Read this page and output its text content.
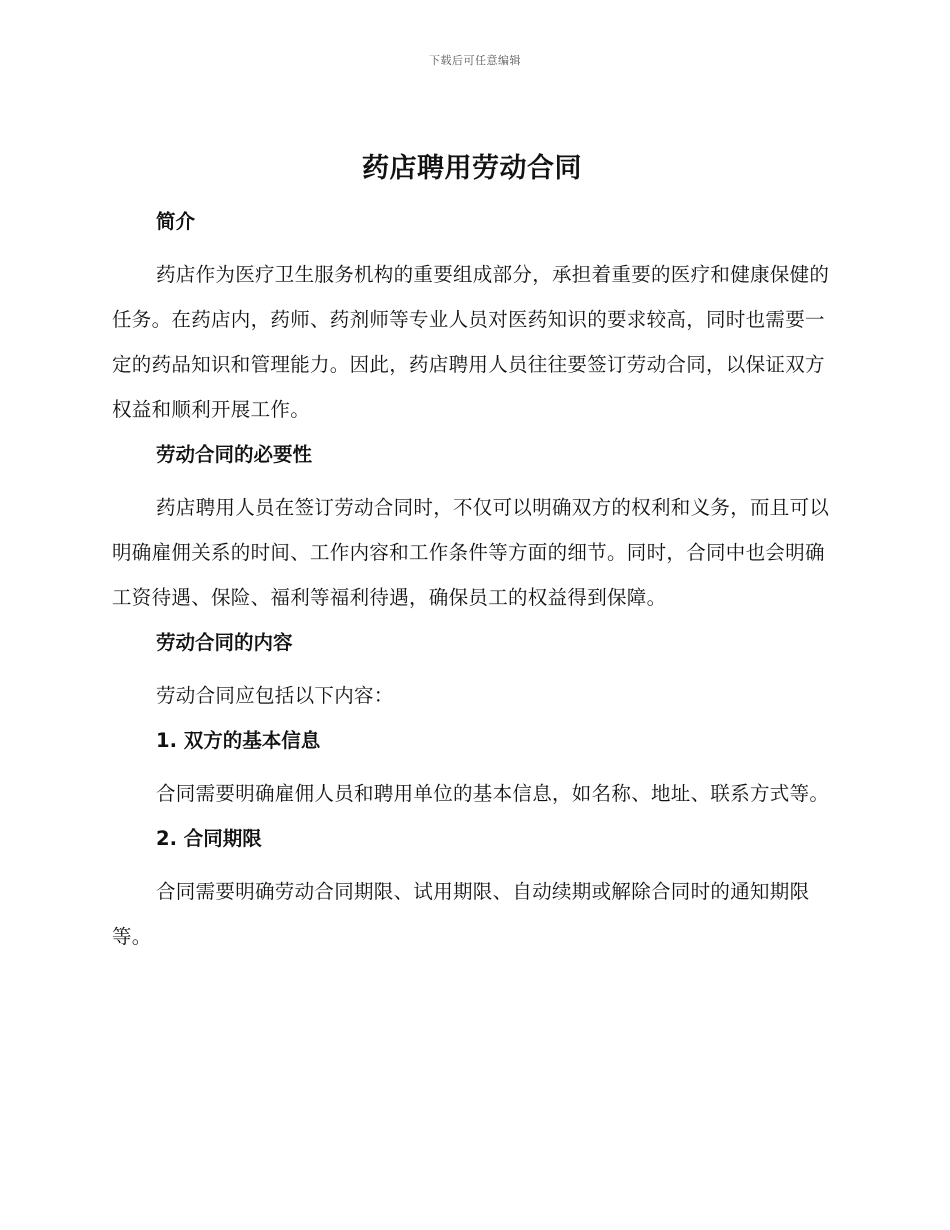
下载后可任意编辑
药店聘用劳动合同
简介

药店作为医疗卫生服务机构的重要组成部分，承担着重要的医疗和健康保健的任务。在药店内，药师、药剂师等专业人员对医药知识的要求较高，同时也需要一定的药品知识和管理能力。因此，药店聘用人员往往要签订劳动合同，以保证双方权益和顺利开展工作。

劳动合同的必要性

药店聘用人员在签订劳动合同时，不仅可以明确双方的权利和义务，而且可以明确雇佣关系的时间、工作内容和工作条件等方面的细节。同时，合同中也会明确工资待遇、保险、福利等福利待遇，确保员工的权益得到保障。

劳动合同的内容

劳动合同应包括以下内容：

1. 双方的基本信息

合同需要明确雇佣人员和聘用单位的基本信息，如名称、地址、联系方式等。

2. 合同期限

合同需要明确劳动合同期限、试用期限、自动续期或解除合同时的通知期限等。
